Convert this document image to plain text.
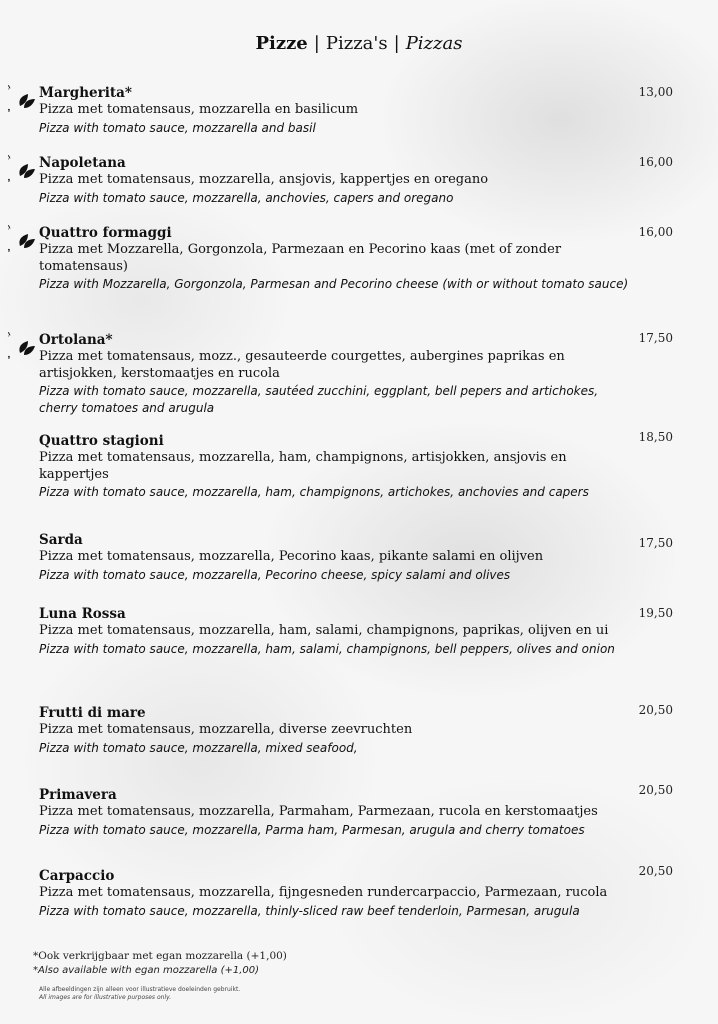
Pizze | Pizza's | Pizzas
Margherita*
Pizza met tomatensaus, mozzarella en basilicum
Pizza with tomato sauce, mozzarella and basil
13,00
Napoletana
Pizza met tomatensaus, mozzarella, ansjovis, kappertjes en oregano
Pizza with tomato sauce, mozzarella, anchovies, capers and oregano
16,00
Quattro formaggi
Pizza met Mozzarella, Gorgonzola, Parmezaan en Pecorino kaas (met of zonder tomatensaus)
Pizza with Mozzarella, Gorgonzola, Parmesan and Pecorino cheese (with or without tomato sauce)
16,00
Ortolana*
Pizza met tomatensaus, mozz., gesauteerde courgettes, aubergines paprikas en artisjokken, kerstomaatjes en rucola
Pizza with tomato sauce, mozzarella, sautéed zucchini, eggplant, bell pepers and artichokes, cherry tomatoes and arugula
17,50
Quattro stagioni
Pizza met tomatensaus, mozzarella, ham, champignons, artisjokken, ansjovis en kappertjes
Pizza with tomato sauce, mozzarella, ham, champignons, artichokes, anchovies and capers
18,50
Sarda
Pizza met tomatensaus, mozzarella, Pecorino kaas, pikante salami en olijven
Pizza with tomato sauce, mozzarella, Pecorino cheese, spicy salami and olives
17,50
Luna Rossa
Pizza met tomatensaus, mozzarella, ham, salami, champignons, paprikas, olijven en ui
Pizza with tomato sauce, mozzarella, ham, salami, champignons, bell peppers, olives and onion
19,50
Frutti di mare
Pizza met tomatensaus, mozzarella, diverse zeevruchten
Pizza with tomato sauce, mozzarella, mixed seafood,
20,50
Primavera
Pizza met tomatensaus, mozzarella, Parmaham, Parmezaan, rucola en kerstomaatjes
Pizza with tomato sauce, mozzarella, Parma ham, Parmesan, arugula and cherry tomatoes
20,50
Carpaccio
Pizza met tomatensaus, mozzarella, fijngesneden rundercarpaccio, Parmezaan, rucola
Pizza with tomato sauce, mozzarella, thinly-sliced raw beef tenderloin, Parmesan, arugula
20,50
*Ook verkrijgbaar met egan mozzarella (+1,00)
*Also available with egan mozzarella (+1,00)
Alle afbeeldingen zijn alleen voor illustratieve doeleinden gebruikt.
All images are for illustrative purposes only.
